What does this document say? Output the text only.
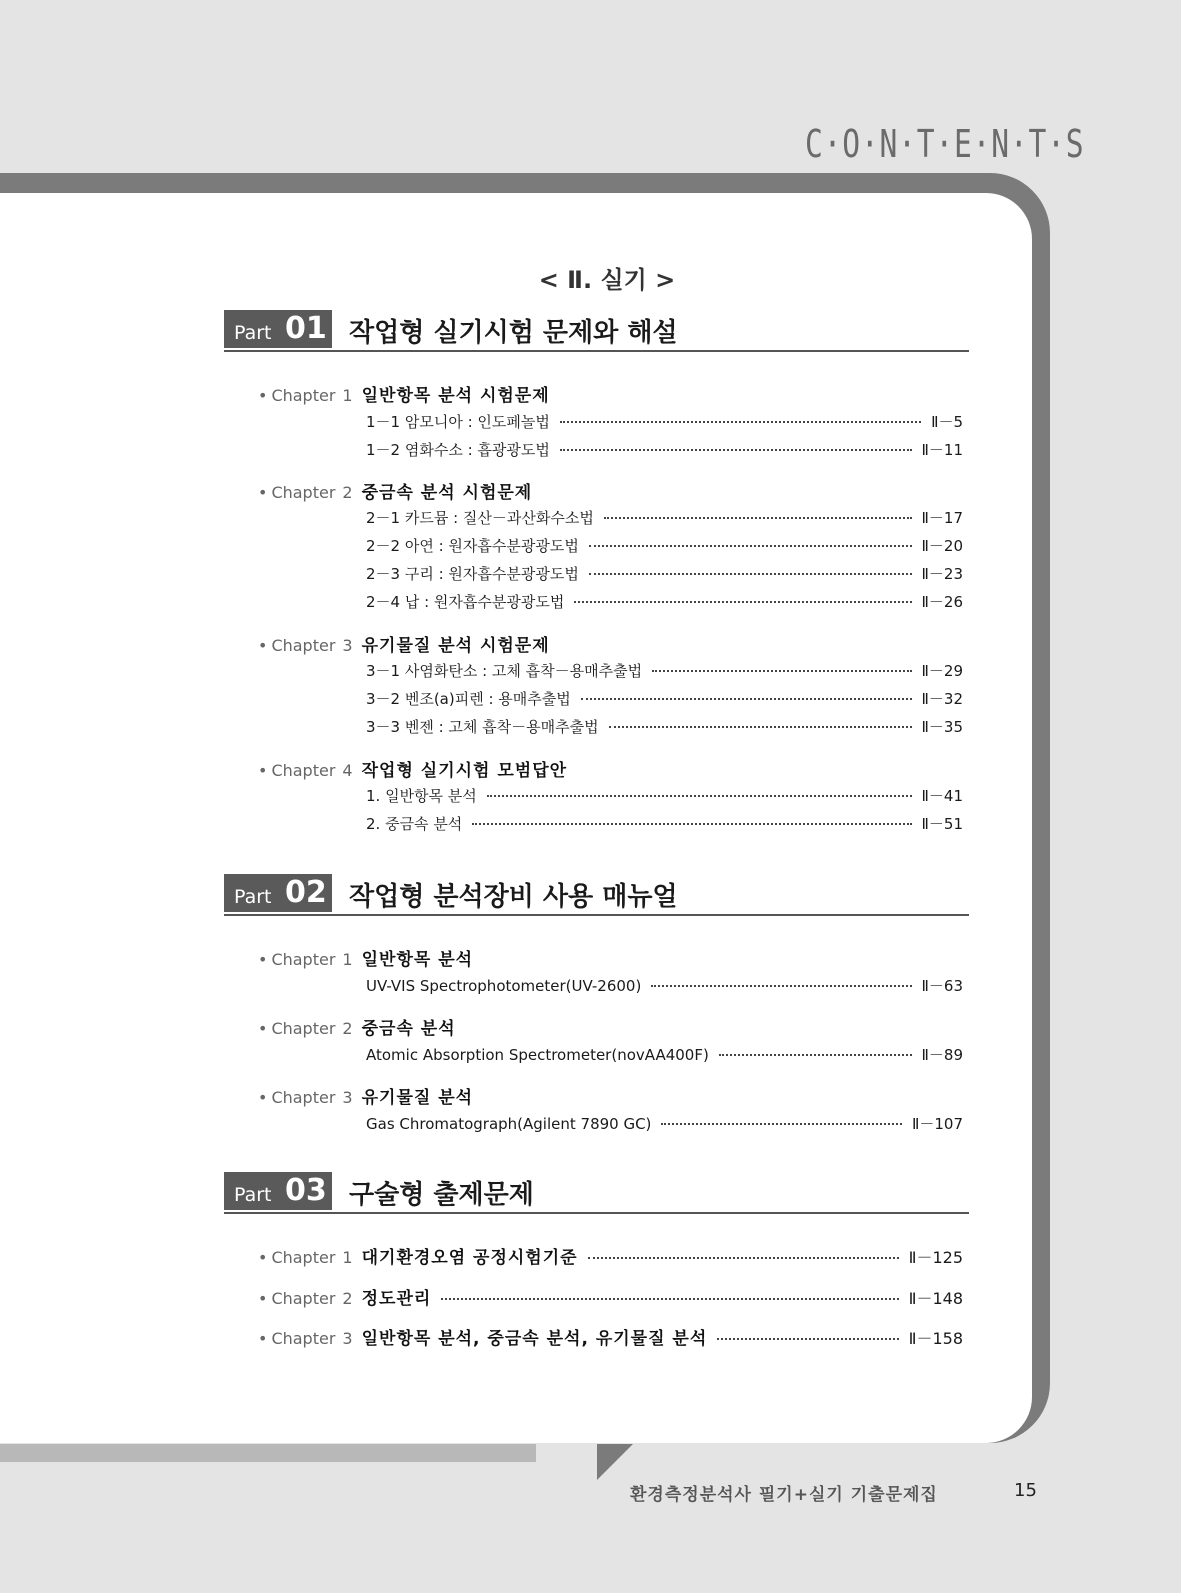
C·O·N·T·E·N·T·S
< Ⅱ. 실기 >
Part 01 작업형 실기시험 문제와 해설
• Chapter 1 일반항목 분석 시험문제
1－1 암모니아 : 인도페놀법	Ⅱ－5
1－2 염화수소 : 흡광광도법	Ⅱ－11
• Chapter 2 중금속 분석 시험문제
2－1 카드뮴 : 질산－과산화수소법	Ⅱ－17
2－2 아연 : 원자흡수분광광도법	Ⅱ－20
2－3 구리 : 원자흡수분광광도법	Ⅱ－23
2－4 납 : 원자흡수분광광도법	Ⅱ－26
• Chapter 3 유기물질 분석 시험문제
3－1 사염화탄소 : 고체 흡착－용매추출법	Ⅱ－29
3－2 벤조(a)피렌 : 용매추출법	Ⅱ－32
3－3 벤젠 : 고체 흡착－용매추출법	Ⅱ－35
• Chapter 4 작업형 실기시험 모범답안
1. 일반항목 분석	Ⅱ－41
2. 중금속 분석	Ⅱ－51
Part 02 작업형 분석장비 사용 매뉴얼
• Chapter 1 일반항목 분석
UV-VIS Spectrophotometer(UV-2600)	Ⅱ－63
• Chapter 2 중금속 분석
Atomic Absorption Spectrometer(novAA400F)	Ⅱ－89
• Chapter 3 유기물질 분석
Gas Chromatograph(Agilent 7890 GC)	Ⅱ－107
Part 03 구술형 출제문제
• Chapter 1 대기환경오염 공정시험기준	Ⅱ－125
• Chapter 2 정도관리	Ⅱ－148
• Chapter 3 일반항목 분석, 중금속 분석, 유기물질 분석	Ⅱ－158
환경측정분석사 필기+실기 기출문제집	15
